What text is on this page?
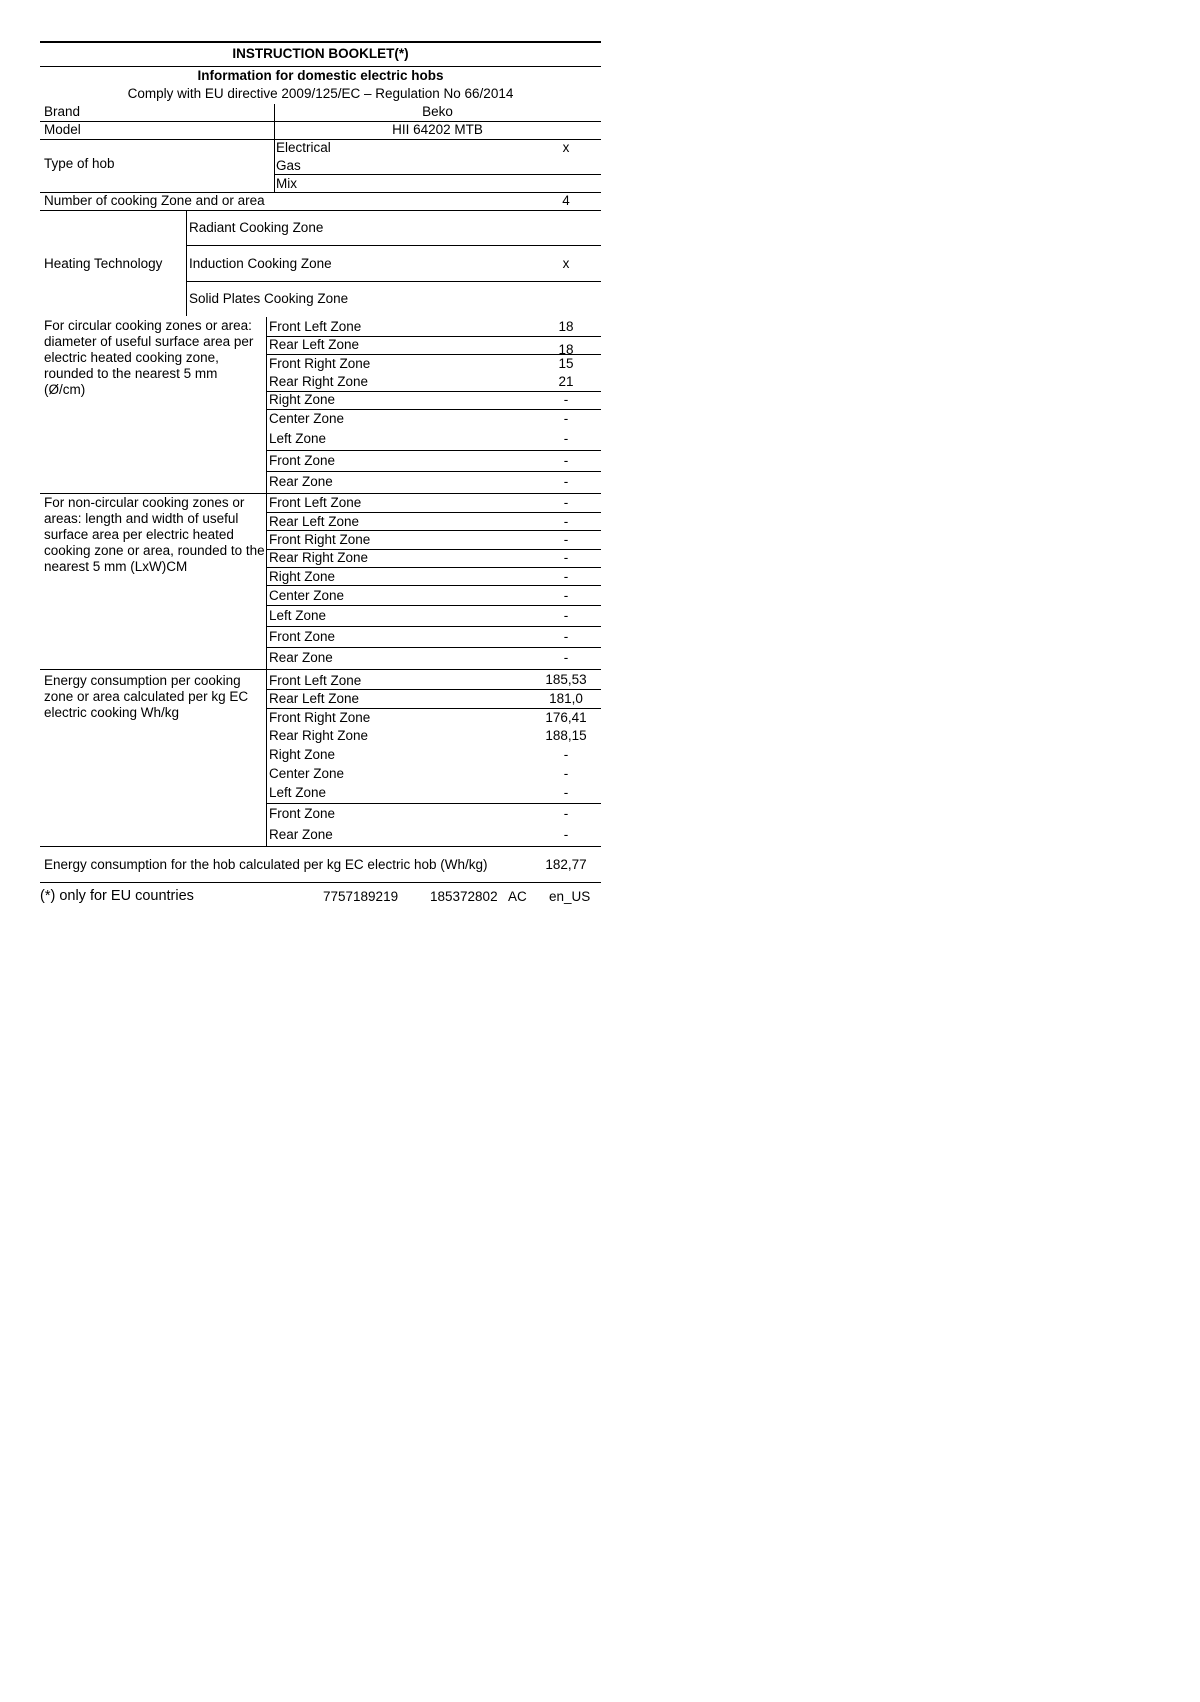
INSTRUCTION BOOKLET(*)
Information for domestic electric hobs
Comply with EU directive 2009/125/EC – Regulation No 66/2014
Brand	Beko
Model	HII 64202 MTB
Type of hob
Electrical	x
Gas
Mix
Number of cooking Zone and or area	4
Heating Technology
Radiant Cooking Zone
Induction Cooking Zone	x
Solid Plates Cooking Zone
For circular cooking zones or area: diameter of useful surface area per electric heated cooking zone, rounded to the nearest 5 mm (Ø/cm)
Front Left Zone	18
Rear Left Zone	18
Front Right Zone	15
Rear Right Zone	21
Right Zone	-
Center Zone	-
Left Zone	-
Front Zone	-
Rear Zone	-
For non-circular cooking zones or areas: length and width of useful surface area per electric heated cooking zone or area, rounded to the nearest 5 mm (LxW)CM
Front Left Zone	-
Rear Left Zone	-
Front Right Zone	-
Rear Right Zone	-
Right Zone	-
Center Zone	-
Left Zone	-
Front Zone	-
Rear Zone	-
Energy consumption per cooking zone or area calculated per kg EC electric cooking Wh/kg
Front Left Zone	185,53
Rear Left Zone	181,0
Front Right Zone	176,41
Rear Right Zone	188,15
Right Zone	-
Center Zone	-
Left Zone	-
Front Zone	-
Rear Zone	-
Energy consumption for the hob calculated per kg EC electric hob (Wh/kg)	182,77
(*) only for EU countries	7757189219 185372802 AC en_US
